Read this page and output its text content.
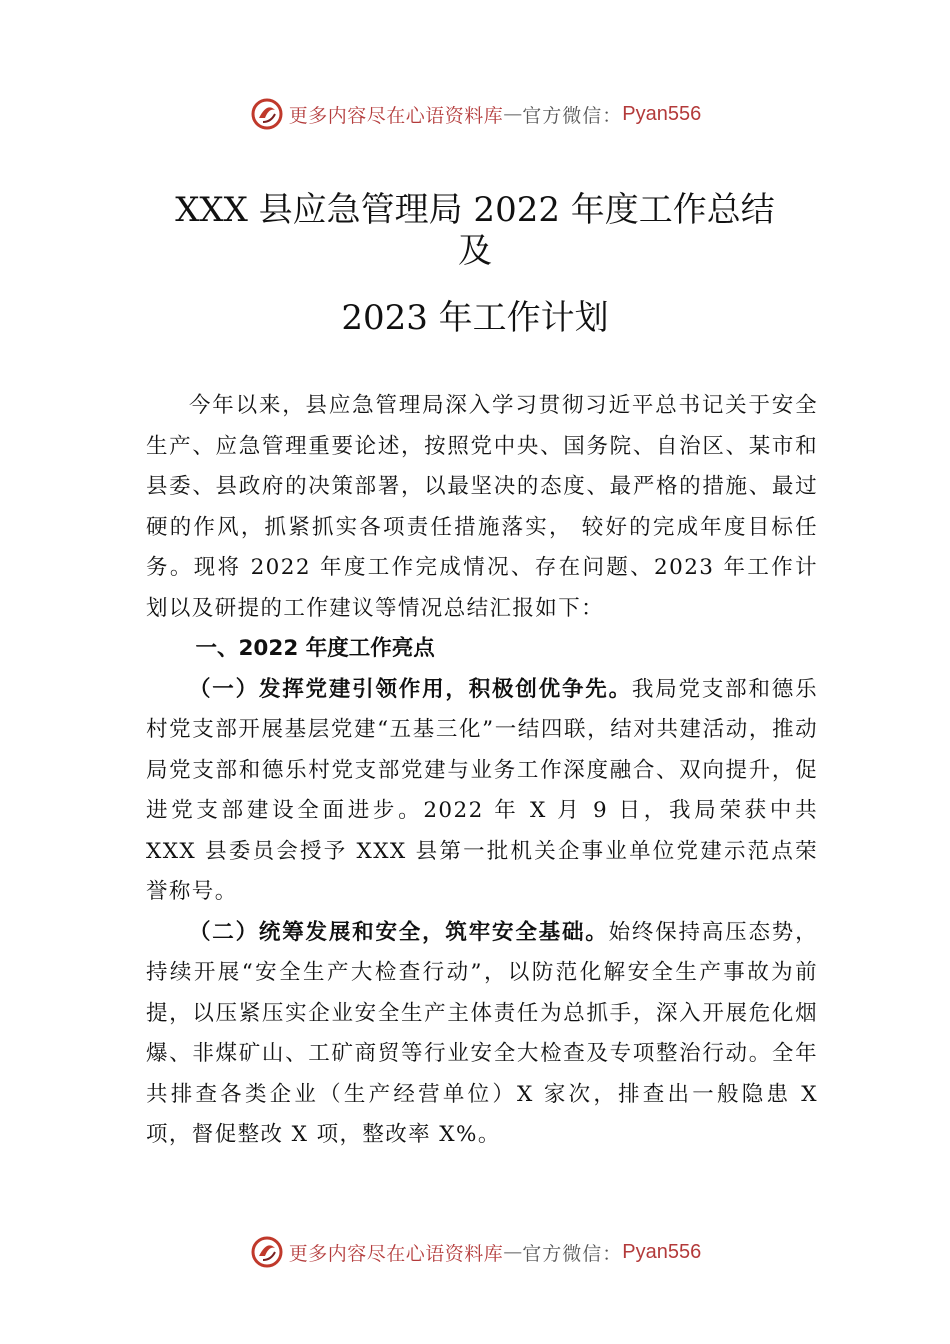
更多内容尽在心语资料库 — 官方微信： Pyan556
XXX 县应急管理局 2022 年度工作总结
及
2023 年工作计划

今年以来，县应急管理局深入学习贯彻习近平总书记关于安全生产、应急管理重要论述，按照党中央、国务院、自治区、某市和县委、县政府的决策部署，以最坚决的态度、最严格的措施、最过硬的作风，抓紧抓实各项责任措施落实， 较好的完成年度目标任务。现将 2022 年度工作完成情况、存在问题、2023 年工作计划以及研提的工作建议等情况总结汇报如下：

一、2022 年度工作亮点

（一）发挥党建引领作用，积极创优争先。我局党支部和德乐村党支部开展基层党建“五基三化”一结四联，结对共建活动，推动局党支部和德乐村党支部党建与业务工作深度融合、双向提升，促进党支部建设全面进步。2022 年 X 月 9 日，我局荣获中共 XXX 县委员会授予 XXX 县第一批机关企事业单位党建示范点荣誉称号。

（二）统筹发展和安全，筑牢安全基础。始终保持高压态势，持续开展“安全生产大检查行动”，以防范化解安全生产事故为前提，以压紧压实企业安全生产主体责任为总抓手，深入开展危化烟爆、非煤矿山、工矿商贸等行业安全大检查及专项整治行动。全年共排查各类企业（生产经营单位）X 家次，排查出一般隐患 X 项，督促整改 X 项，整改率 X%。

更多内容尽在心语资料库 — 官方微信： Pyan556
